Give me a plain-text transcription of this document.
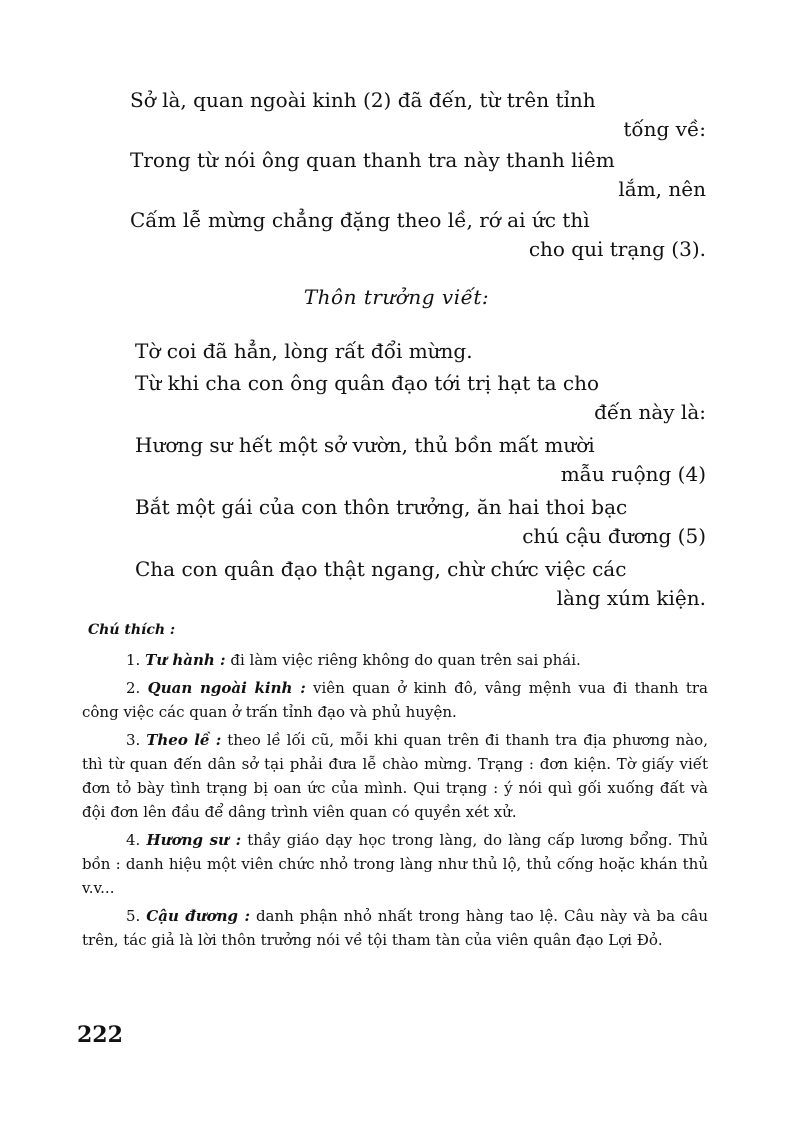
Sở là, quan ngoài kinh (2) đã đến, từ trên tỉnh
tống về:
Trong từ nói ông quan thanh tra này thanh liêm
lắm, nên
Cấm lễ mừng chẳng đặng theo lề, rớ ai ức thì
cho qui trạng (3).
Thôn trưởng viết:
Tờ coi đã hẳn, lòng rất đổi mừng.
Từ khi cha con ông quân đạo tới trị hạt ta cho
đến này là:
Hương sư hết một sở vườn, thủ bồn mất mười
mẫu ruộng (4)
Bắt một gái của con thôn trưởng, ăn hai thoi bạc
chú cậu đương (5)
Cha con quân đạo thật ngang, chừ chức việc các
làng xúm kiện.
Chú thích :

1. Tư hành : đi làm việc riêng không do quan trên sai phái.

2. Quan ngoài kinh : viên quan ở kinh đô, vâng mệnh vua đi thanh tra công việc các quan ở trấn tỉnh đạo và phủ huyện.

3. Theo lề : theo lề lối cũ, mỗi khi quan trên đi thanh tra địa phương nào, thì từ quan đến dân sở tại phải đưa lễ chào mừng. Trạng : đơn kiện. Tờ giấy viết đơn tỏ bày tình trạng bị oan ức của mình. Qui trạng : ý nói quì gối xuống đất và đội đơn lên đầu để dâng trình viên quan có quyền xét xử.

4. Hương sư : thầy giáo dạy học trong làng, do làng cấp lương bổng. Thủ bồn : danh hiệu một viên chức nhỏ trong làng như thủ lộ, thủ cống hoặc khán thủ v.v...

5. Cậu đương : danh phận nhỏ nhất trong hàng tao lệ. Câu này và ba câu trên, tác giả là lời thôn trưởng nói về tội tham tàn của viên quân đạo Lợi Đỏ.

222
